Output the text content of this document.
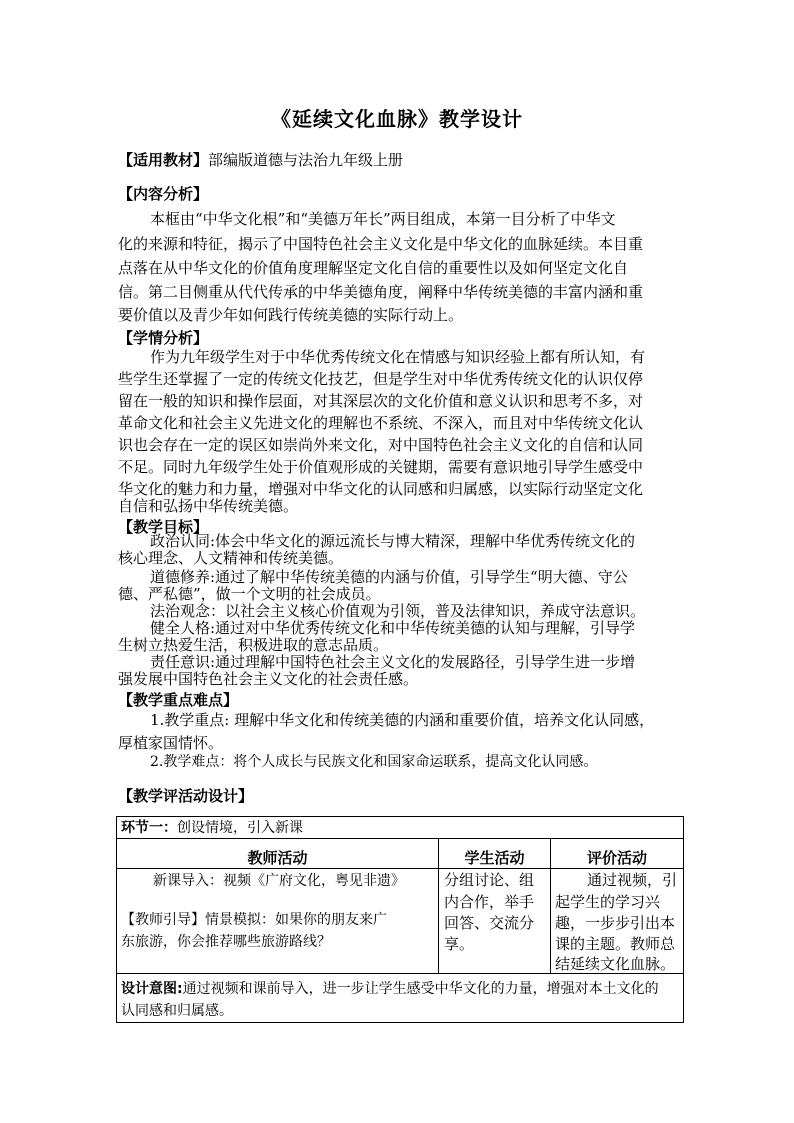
《延续文化血脉》教学设计
【适用教材】部编版道德与法治九年级上册
【内容分析】
本框由“中华文化根”和“美德万年长”两目组成，本第一目分析了中华文
化的来源和特征，揭示了中国特色社会主义文化是中华文化的血脉延续。本目重
点落在从中华文化的价值角度理解坚定文化自信的重要性以及如何坚定文化自
信。第二目侧重从代代传承的中华美德角度，阐释中华传统美德的丰富内涵和重
要价值以及青少年如何践行传统美德的实际行动上。
【学情分析】
作为九年级学生对于中华优秀传统文化在情感与知识经验上都有所认知，有
些学生还掌握了一定的传统文化技艺，但是学生对中华优秀传统文化的认识仅停
留在一般的知识和操作层面，对其深层次的文化价值和意义认识和思考不多，对
革命文化和社会主义先进文化的理解也不系统、不深入，而且对中华传统文化认
识也会存在一定的误区如崇尚外来文化，对中国特色社会主义文化的自信和认同
不足。同时九年级学生处于价值观形成的关键期，需要有意识地引导学生感受中
华文化的魅力和力量，增强对中华文化的认同感和归属感，以实际行动坚定文化
自信和弘扬中华传统美德。
【教学目标】
政治认同:体会中华文化的源远流长与博大精深，理解中华优秀传统文化的
核心理念、人文精神和传统美德。
道德修养:通过了解中华传统美德的内涵与价值，引导学生“明大德、守公
德、严私德”，做一个文明的社会成员。
法治观念：以社会主义核心价值观为引领，普及法律知识，养成守法意识。
健全人格:通过对中华优秀传统文化和中华传统美德的认知与理解，引导学
生树立热爱生活，积极进取的意志品质。
责任意识:通过理解中国特色社会主义文化的发展路径，引导学生进一步增
强发展中国特色社会主义文化的社会责任感。
【教学重点难点】
1.教学重点: 理解中华文化和传统美德的内涵和重要价值，培养文化认同感，
厚植家国情怀。
2.教学难点：将个人成长与民族文化和国家命运联系，提高文化认同感。
【教学评活动设计】
环节一：创设情境，引入新课
教师活动	学生活动	评价活动
新课导入：视频《广府文化，粤见非遗》
【教师引导】情景模拟：如果你的朋友来广
东旅游，你会推荐哪些旅游路线？
分组讨论、组
内合作，举手
回答、交流分
享。
通过视频，引
起学生的学习兴
趣，一步步引出本
课的主题。教师总
结延续文化血脉。
设计意图:通过视频和课前导入，进一步让学生感受中华文化的力量，增强对本土文化的
认同感和归属感。
